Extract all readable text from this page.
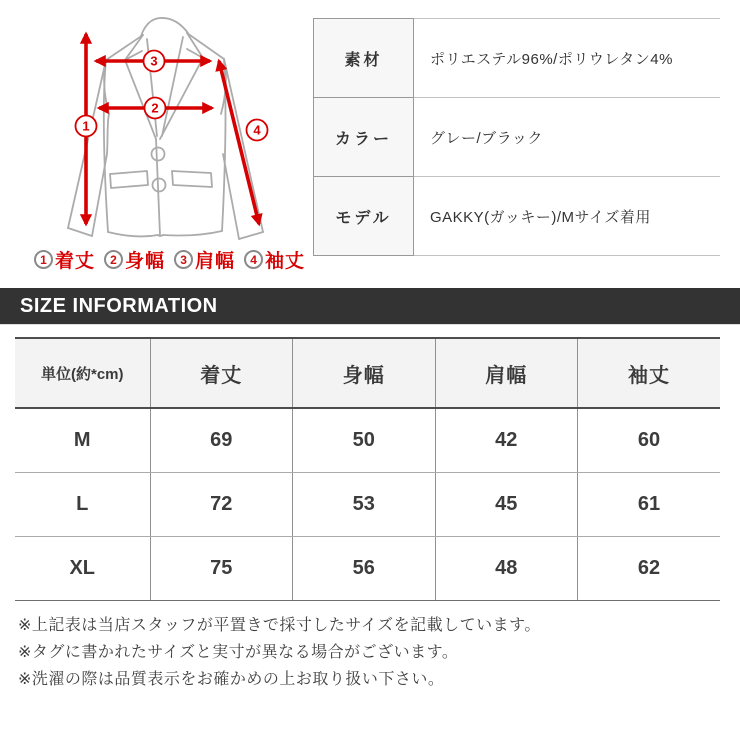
1
3
2
4
1 着丈	2 身幅	3 肩幅	4 袖丈
素材	ポリエステル96%/ポリウレタン4%
カラー	グレー/ブラック
モデル	GAKKY(ガッキー)/Mサイズ着用
SIZE INFORMATION
単位(約*cm)	着丈	身幅	肩幅	袖丈
M	69	50	42	60
L	72	53	45	61
XL	75	56	48	62
※上記表は当店スタッフが平置きで採寸したサイズを記載しています。
※タグに書かれたサイズと実寸が異なる場合がございます。
※洗濯の際は品質表示をお確かめの上お取り扱い下さい。
